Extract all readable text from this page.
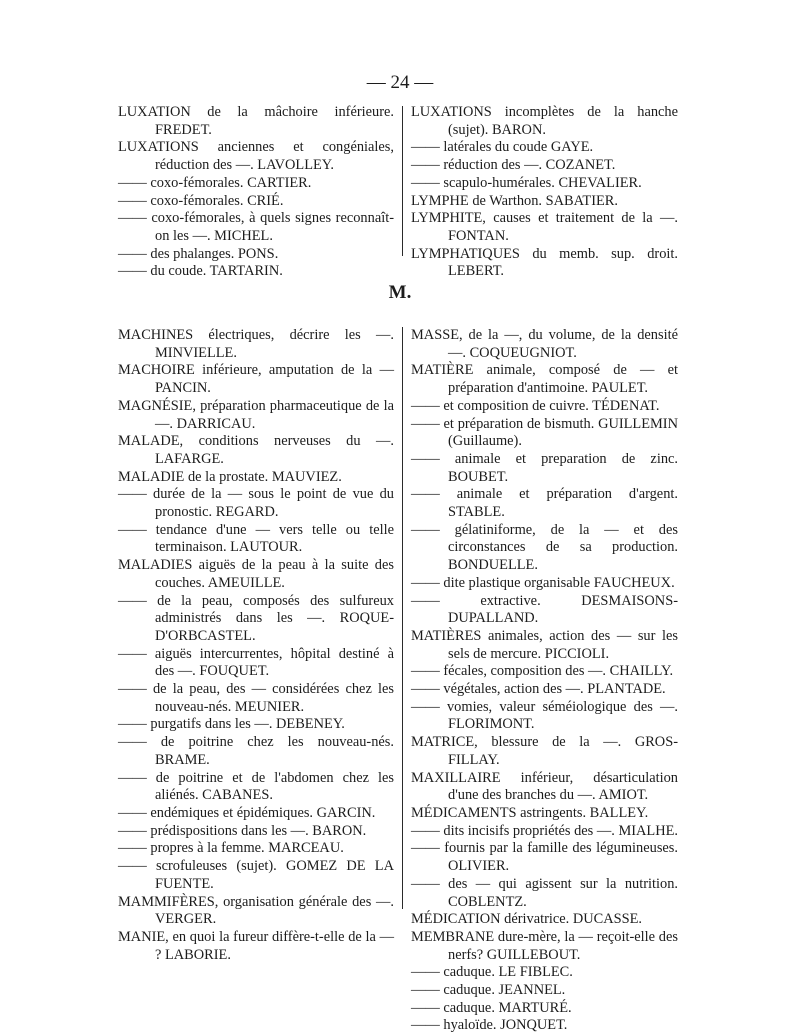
— 24 —

LUXATION de la mâchoire inférieure. FREDET.

LUXATIONS anciennes et congéniales, réduction des —. LAVOLLEY.

—— coxo-fémorales. CARTIER.

—— coxo-fémorales. CRIÉ.

—— coxo-fémorales, à quels signes reconnaît-on les —. MICHEL.

—— des phalanges. PONS.

—— du coude. TARTARIN.

LUXATIONS incomplètes de la hanche (sujet). BARON.

—— latérales du coude GAYE.

—— réduction des —. COZANET.

—— scapulo-humérales. CHEVALIER.

LYMPHE de Warthon. SABATIER.

LYMPHITE, causes et traitement de la —. FONTAN.

LYMPHATIQUES du memb. sup. droit. LEBERT.

M.

MACHINES électriques, décrire les —. MINVIELLE.

MACHOIRE inférieure, amputation de la — PANCIN.

MAGNÉSIE, préparation pharmaceutique de la —. DARRICAU.

MALADE, conditions nerveuses du —. LAFARGE.

MALADIE de la prostate. MAUVIEZ.

—— durée de la — sous le point de vue du pronostic. REGARD.

—— tendance d'une — vers telle ou telle terminaison. LAUTOUR.

MALADIES aiguës de la peau à la suite des couches. AMEUILLE.

—— de la peau, composés des sulfureux administrés dans les —. ROQUE-D'ORBCASTEL.

—— aiguës intercurrentes, hôpital destiné à des —. FOUQUET.

—— de la peau, des — considérées chez les nouveau-nés. MEUNIER.

—— purgatifs dans les —. DEBENEY.

—— de poitrine chez les nouveau-nés. BRAME.

—— de poitrine et de l'abdomen chez les aliénés. CABANES.

—— endémiques et épidémiques. GARCIN.

—— prédispositions dans les —. BARON.

—— propres à la femme. MARCEAU.

—— scrofuleuses (sujet). GOMEZ DE LA FUENTE.

MAMMIFÈRES, organisation générale des —. VERGER.

MANIE, en quoi la fureur diffère-t-elle de la — ? LABORIE.

MASSE, de la —, du volume, de la densité —. COQUEUGNIOT.

MATIÈRE animale, composé de — et préparation d'antimoine. PAULET.

—— et composition de cuivre. TÉDENAT.

—— et préparation de bismuth. GUILLEMIN (Guillaume).

—— animale et preparation de zinc. BOUBET.

—— animale et préparation d'argent. STABLE.

—— gélatiniforme, de la — et des circonstances de sa production. BONDUELLE.

—— dite plastique organisable FAUCHEUX.

—— extractive. DESMAISONS-DUPALLAND.

MATIÈRES animales, action des — sur les sels de mercure. PICCIOLI.

—— fécales, composition des —. CHAILLY.

—— végétales, action des —. PLANTADE.

—— vomies, valeur séméiologique des —. FLORIMONT.

MATRICE, blessure de la —. GROS-FILLAY.

MAXILLAIRE inférieur, désarticulation d'une des branches du —. AMIOT.

MÉDICAMENTS astringents. BALLEY.

—— dits incisifs propriétés des —. MIALHE.

—— fournis par la famille des légumineuses. OLIVIER.

—— des — qui agissent sur la nutrition. COBLENTZ.

MÉDICATION dérivatrice. DUCASSE.

MEMBRANE dure-mère, la — reçoit-elle des nerfs? GUILLEBOUT.

—— caduque. LE FIBLEC.

—— caduque. JEANNEL.

—— caduque. MARTURÉ.

—— hyaloïde. JONQUET.
